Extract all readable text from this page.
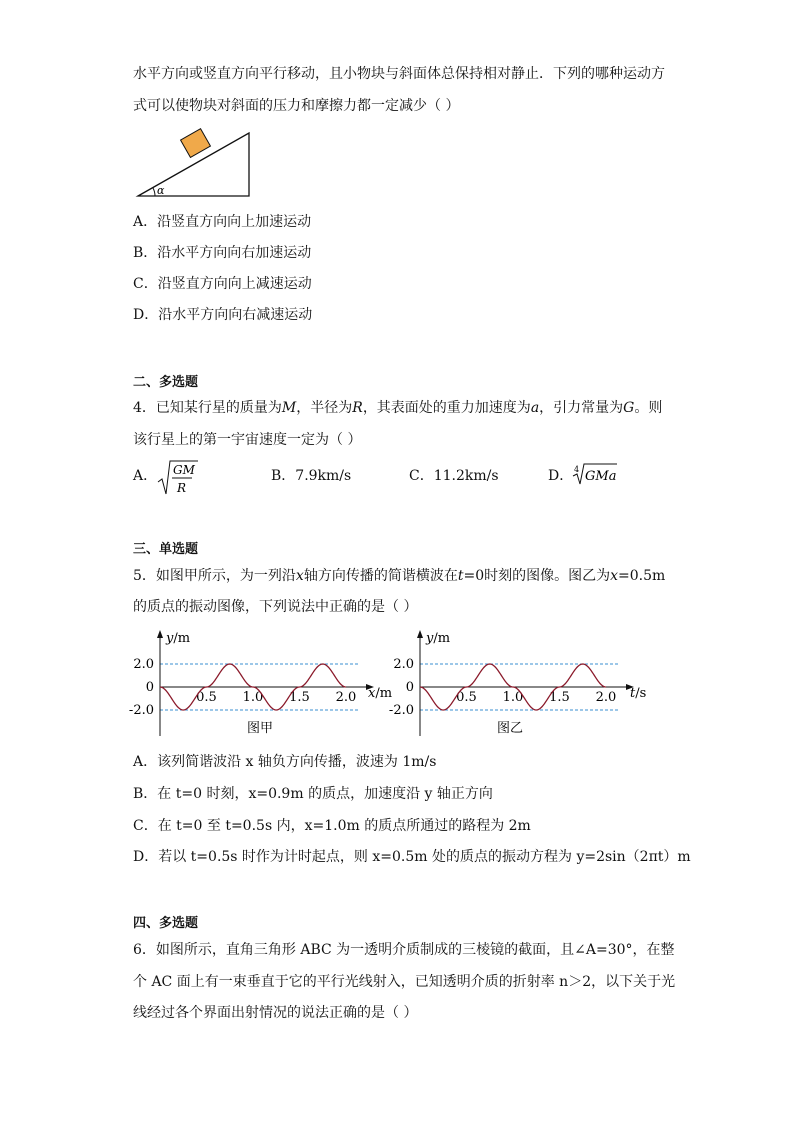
水平方向或竖直方向平行移动，且小物块与斜面体总保持相对静止．下列的哪种运动方
式可以使物块对斜面的压力和摩擦力都一定减少（ ）
α
A．沿竖直方向向上加速运动
B．沿水平方向向右加速运动
C．沿竖直方向向上减速运动
D．沿水平方向向右减速运动
二、多选题
4．已知某行星的质量为M，半径为R，其表面处的重力加速度为a，引力常量为G。则
该行星上的第一宇宙速度一定为（ ）
A． GM
R
B．7.9km/s	C．11.2km/s	D． 4 GMa
三、单选题
5．如图甲所示，为一列沿x轴方向传播的简谐横波在t=0时刻的图像。图乙为x=0.5m
的质点的振动图像，下列说法中正确的是（ ）
y/m
x/m
2.0
0
-2.0
0.5 1.0 1.5 2.0
图甲
y/m
t/s
2.0
0
-2.0
0.5 1.0 1.5 2.0
图乙
A．该列简谐波沿 x 轴负方向传播，波速为 1m/s
B．在 t=0 时刻，x=0.9m 的质点，加速度沿 y 轴正方向
C．在 t=0 至 t=0.5s 内，x=1.0m 的质点所通过的路程为 2m
D．若以 t=0.5s 时作为计时起点，则 x=0.5m 处的质点的振动方程为 y=2sin（2πt）m
四、多选题
6．如图所示，直角三角形 ABC 为一透明介质制成的三棱镜的截面，且∠A=30°，在整
个 AC 面上有一束垂直于它的平行光线射入，已知透明介质的折射率 n＞2，以下关于光
线经过各个界面出射情况的说法正确的是（ ）
